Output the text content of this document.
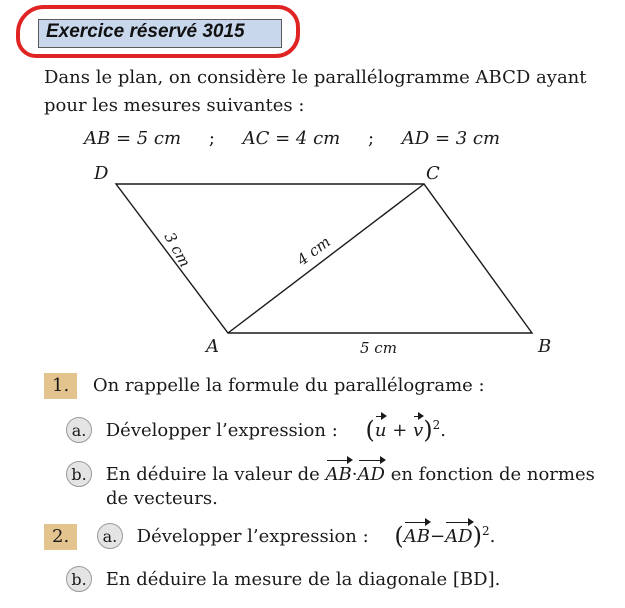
Exercice réservé 3015
Dans le plan, on considère le parallélogramme ABCD ayant
pour les mesures suivantes :
AB = 5 cm ; AC = 4 cm ; AD = 3 cm
D	C
A	B
5 cm
4 cm
3 cm
1. On rappelle la formule du parallélograme :
a. Développer l’expression : $(u + v)^2$.
b. En déduire la valeur de AB·AD en fonction de normes
de vecteurs.
2. a. Développer l’expression : $(AB-AD)^2$.
b. En déduire la mesure de la diagonale [BD].
